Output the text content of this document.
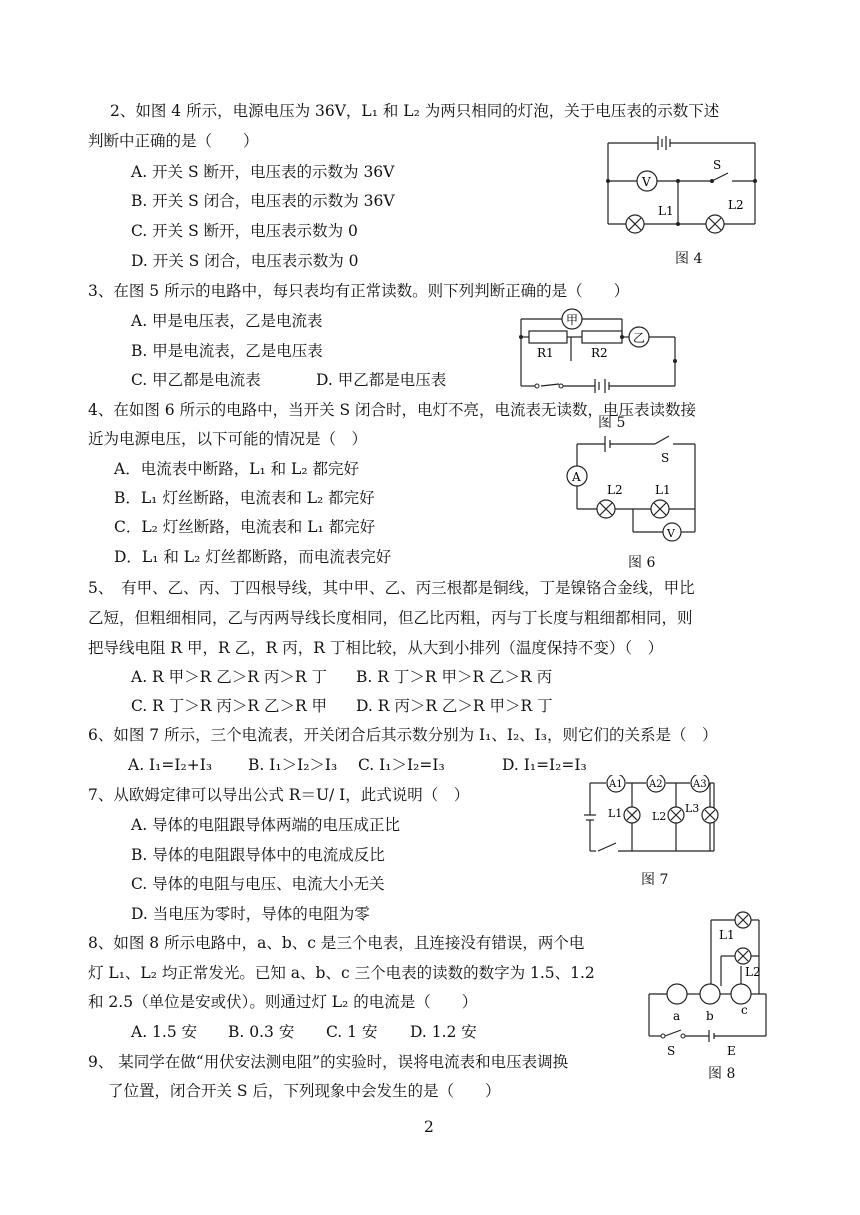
2、如图 4 所示，电源电压为 36V，L₁ 和 L₂ 为两只相同的灯泡，关于电压表的示数下述
判断中正确的是（　　）
A. 开关 S 断开，电压表的示数为 36V
B. 开关 S 闭合，电压表的示数为 36V
C. 开关 S 断开，电压表示数为 0
D. 开关 S 闭合，电压表示数为 0
3、在图 5 所示的电路中，每只表均有正常读数。则下列判断正确的是（　　）
A. 甲是电压表，乙是电流表
B. 甲是电流表，乙是电压表
C. 甲乙都是电流表	D. 甲乙都是电压表
4、在如图 6 所示的电路中，当开关 S 闭合时，电灯不亮，电流表无读数，电压表读数接
近为电源电压，以下可能的情况是（　）
A．电流表中断路，L₁ 和 L₂ 都完好
B．L₁ 灯丝断路，电流表和 L₂ 都完好
C．L₂ 灯丝断路，电流表和 L₁ 都完好
D．L₁ 和 L₂ 灯丝都断路，而电流表完好
5、　有甲、乙、丙、丁四根导线，其中甲、乙、丙三根都是铜线，丁是镍铬合金线，甲比
乙短，但粗细相同，乙与丙两导线长度相同，但乙比丙粗，丙与丁长度与粗细都相同，则
把导线电阻 R 甲，R 乙，R 丙，R 丁相比较，从大到小排列（温度保持不变）（　）
A. R 甲＞R 乙＞R 丙＞R 丁 B. R 丁＞R 甲＞R 乙＞R 丙
C. R 丁＞R 丙＞R 乙＞R 甲 D. R 丙＞R 乙＞R 甲＞R 丁
6、如图 7 所示，三个电流表，开关闭合后其示数分别为 I₁、I₂、I₃，则它们的关系是（　）
A. I₁=I₂+I₃ B. I₁＞I₂＞I₃ C. I₁＞I₂=I₃	D. I₁=I₂=I₃
7、从欧姆定律可以导出公式 R＝U/ I，此式说明（　）
A. 导体的电阻跟导体两端的电压成正比
B. 导体的电阻跟导体中的电流成反比
C. 导体的电阻与电压、电流大小无关
D. 当电压为零时，导体的电阻为零
8、如图 8 所示电路中，a、b、c 是三个电表，且连接没有错误，两个电
灯 L₁、L₂ 均正常发光。已知 a、b、c 三个电表的读数的数字为 1.5、1.2
和 2.5（单位是安或伏）。则通过灯 L₂ 的电流是（　　）
A. 1.5 安 B. 0.3 安 C. 1 安 D. 1.2 安
9、 某同学在做“用伏安法测电阻”的实验时，误将电流表和电压表调换
了位置，闭合开关 S 后，下列现象中会发生的是（　　）
2
V
S
L1	L2
图 4
甲
乙
R1	R2
图 5
A
V
S
L2	L1
图 6
A1	A2	A3
L1	L2
L3
图 7
L1
L2
a b c
S	E
图 8
